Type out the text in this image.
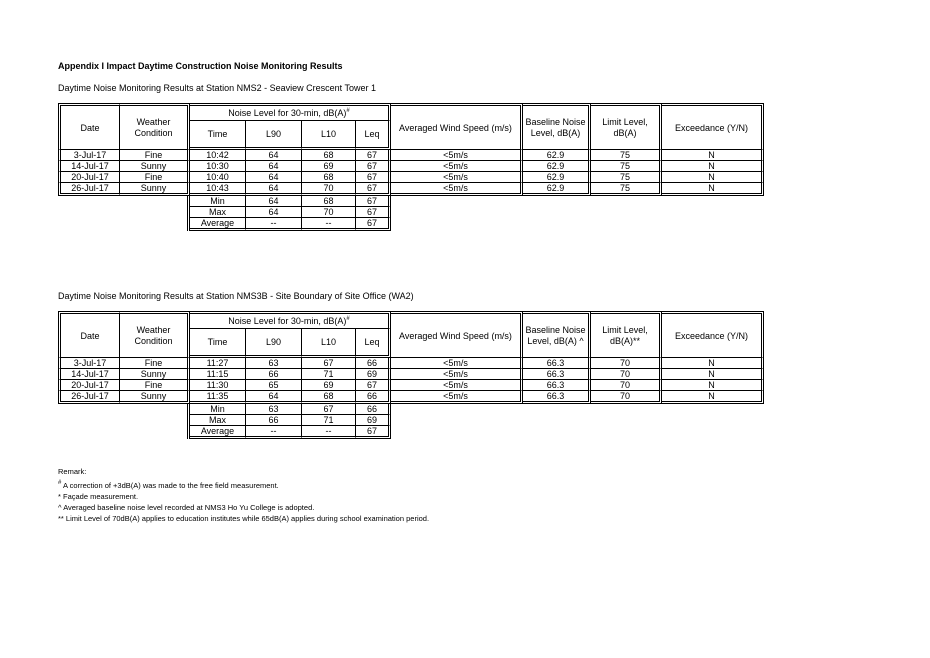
Appendix I Impact Daytime Construction Noise Monitoring Results
Daytime Noise Monitoring Results at Station NMS2 - Seaview Crescent Tower 1
Date	Weather Condition	Noise Level for 30-min, dB(A)#				Averaged Wind Speed (m/s)	Baseline Noise Level, dB(A)	Limit Level, dB(A)	Exceedance (Y/N)
		Time	L90	L10	Leq				
3-Jul-17	Fine	10:42	64	68	67	<5m/s	62.9	75	N
14-Jul-17	Sunny	10:30	64	69	67	<5m/s	62.9	75	N
20-Jul-17	Fine	10:40	64	68	67	<5m/s	62.9	75	N
26-Jul-17	Sunny	10:43	64	70	67	<5m/s	62.9	75	N
		Min	64	68	67				
		Max	64	70	67				
		Average	--	--	67				
Daytime Noise Monitoring Results at Station NMS3B - Site Boundary of Site Office (WA2)
Date	Weather Condition	Noise Level for 30-min, dB(A)#				Averaged Wind Speed (m/s)	Baseline Noise Level, dB(A) ^	Limit Level, dB(A)**	Exceedance (Y/N)
		Time	L90	L10	Leq				
3-Jul-17	Fine	11:27	63	67	66	<5m/s	66.3	70	N
14-Jul-17	Sunny	11:15	66	71	69	<5m/s	66.3	70	N
20-Jul-17	Fine	11:30	65	69	67	<5m/s	66.3	70	N
26-Jul-17	Sunny	11:35	64	68	66	<5m/s	66.3	70	N
		Min	63	67	66				
		Max	66	71	69				
		Average	--	--	67				
Remark:
# A correction of +3dB(A) was made to the free field measurement.
* Façade measurement.
^ Averaged baseline noise level recorded at NMS3 Ho Yu College is adopted.
** Limit Level of 70dB(A) applies to education institutes while 65dB(A) applies during school examination period.
